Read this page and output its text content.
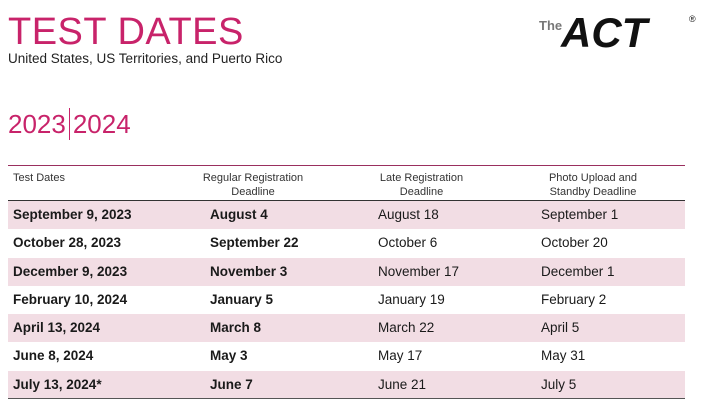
TEST DATES
United States, US Territories, and Puerto Rico
The
ACT	®
2023 2024
Test Dates	Regular Registration
Deadline
Late Registration
Deadline
Photo Upload and
Standby Deadline
September 9, 2023	August 4	August 18	September 1
October 28, 2023	September 22	October 6	October 20
December 9, 2023	November 3	November 17	December 1
February 10, 2024	January 5	January 19	February 2
April 13, 2024	March 8	March 22	April 5
June 8, 2024	May 3	May 17	May 31
July 13, 2024*	June 7	June 21	July 5
